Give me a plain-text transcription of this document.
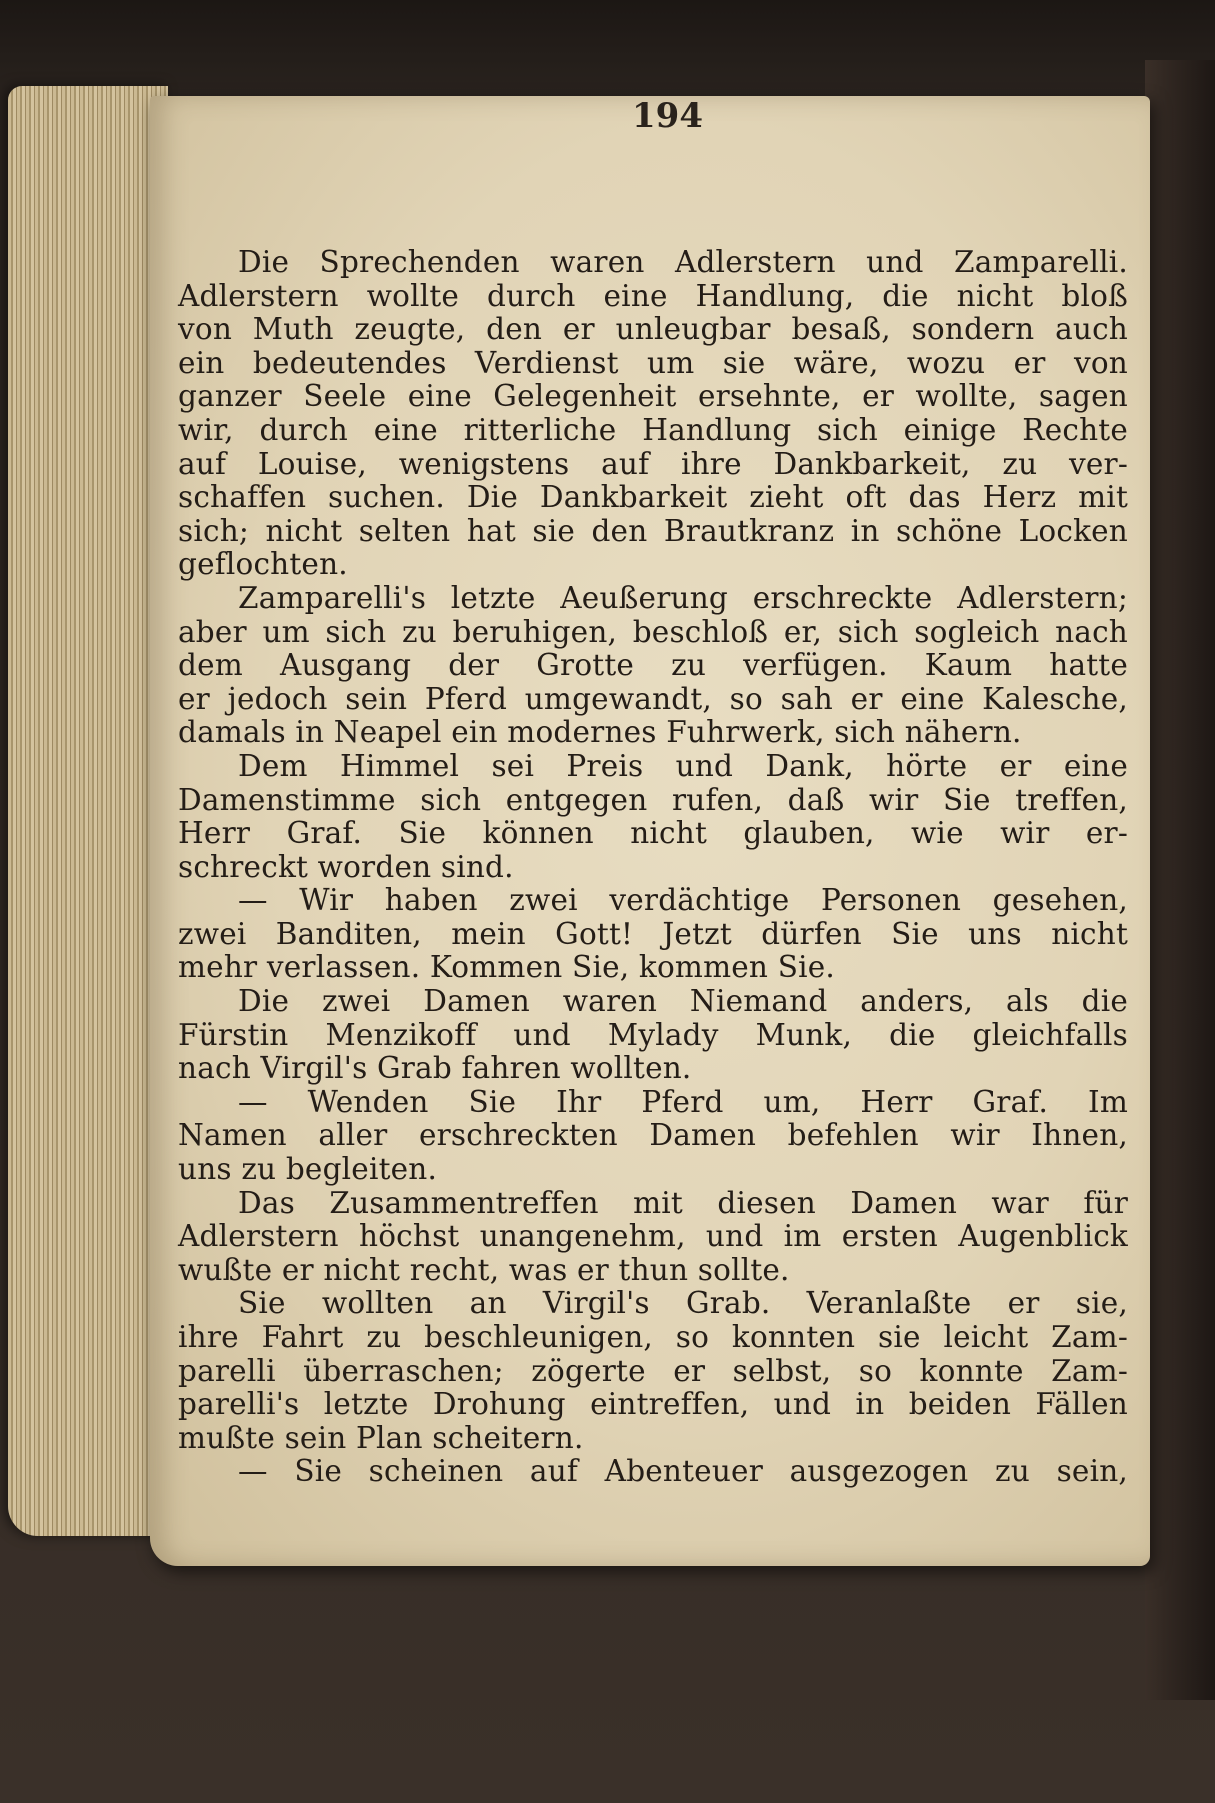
194
Die Sprechenden waren Adlerstern und Zamparelli.
Adlerstern wollte durch eine Handlung, die nicht bloß
von Muth zeugte, den er unleugbar besaß, sondern auch
ein bedeutendes Verdienst um sie wäre, wozu er von
ganzer Seele eine Gelegenheit ersehnte, er wollte, sagen
wir, durch eine ritterliche Handlung sich einige Rechte
auf Louise, wenigstens auf ihre Dankbarkeit, zu ver-
schaffen suchen. Die Dankbarkeit zieht oft das Herz mit
sich; nicht selten hat sie den Brautkranz in schöne Locken
geflochten.
Zamparelli's letzte Aeußerung erschreckte Adlerstern;
aber um sich zu beruhigen, beschloß er, sich sogleich nach
dem Ausgang der Grotte zu verfügen. Kaum hatte
er jedoch sein Pferd umgewandt, so sah er eine Kalesche,
damals in Neapel ein modernes Fuhrwerk, sich nähern.
Dem Himmel sei Preis und Dank, hörte er eine
Damenstimme sich entgegen rufen, daß wir Sie treffen,
Herr Graf. Sie können nicht glauben, wie wir er-
schreckt worden sind.
— Wir haben zwei verdächtige Personen gesehen,
zwei Banditen, mein Gott! Jetzt dürfen Sie uns nicht
mehr verlassen. Kommen Sie, kommen Sie.
Die zwei Damen waren Niemand anders, als die
Fürstin Menzikoff und Mylady Munk, die gleichfalls
nach Virgil's Grab fahren wollten.
— Wenden Sie Ihr Pferd um, Herr Graf. Im
Namen aller erschreckten Damen befehlen wir Ihnen,
uns zu begleiten.
Das Zusammentreffen mit diesen Damen war für
Adlerstern höchst unangenehm, und im ersten Augenblick
wußte er nicht recht, was er thun sollte.
Sie wollten an Virgil's Grab. Veranlaßte er sie,
ihre Fahrt zu beschleunigen, so konnten sie leicht Zam-
parelli überraschen; zögerte er selbst, so konnte Zam-
parelli's letzte Drohung eintreffen, und in beiden Fällen
mußte sein Plan scheitern.
— Sie scheinen auf Abenteuer ausgezogen zu sein,
